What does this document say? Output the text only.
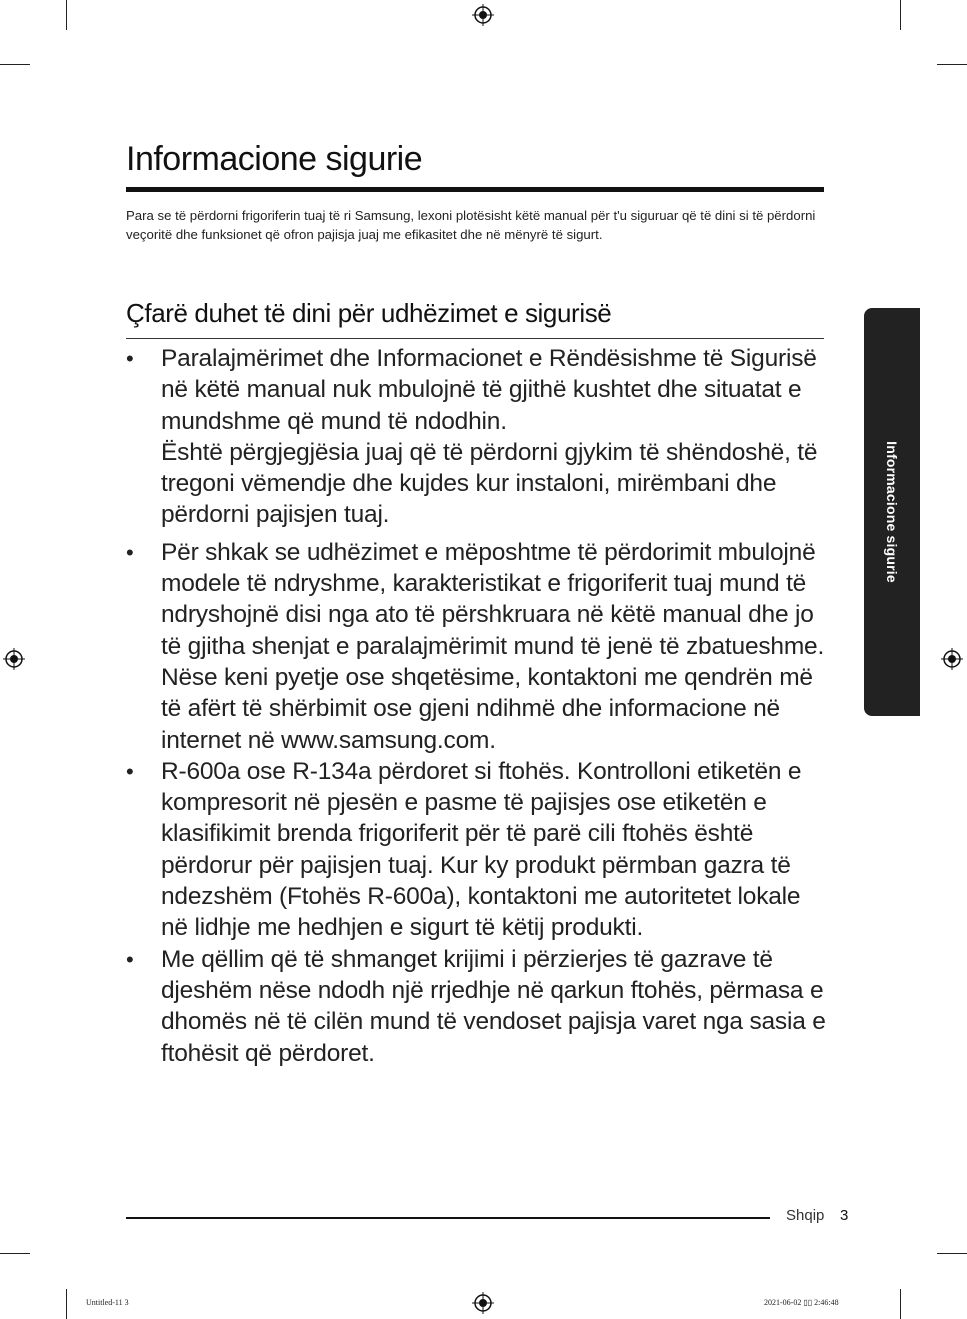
Informacione sigurie
Para se të përdorni frigoriferin tuaj të ri Samsung, lexoni plotësisht këtë manual për t'u siguruar që të dini si të përdorni veçoritë dhe funksionet që ofron pajisja juaj me efikasitet dhe në mënyrë të sigurt.
Çfarë duhet të dini për udhëzimet e sigurisë
• Paralajmërimet dhe Informacionet e Rëndësishme të Sigurisë në këtë manual nuk mbulojnë të gjithë kushtet dhe situatat e mundshme që mund të ndodhin.
Është përgjegjësia juaj që të përdorni gjykim të shëndoshë, të tregoni vëmendje dhe kujdes kur instaloni, mirëmbani dhe përdorni pajisjen tuaj.
• Për shkak se udhëzimet e mëposhtme të përdorimit mbulojnë modele të ndryshme, karakteristikat e frigoriferit tuaj mund të ndryshojnë disi nga ato të përshkruara në këtë manual dhe jo të gjitha shenjat e paralajmërimit mund të jenë të zbatueshme. Nëse keni pyetje ose shqetësime, kontaktoni me qendrën më të afërt të shërbimit ose gjeni ndihmë dhe informacione në internet në www.samsung.com.
• R-600a ose R-134a përdoret si ftohës. Kontrolloni etiketën e kompresorit në pjesën e pasme të pajisjes ose etiketën e klasifikimit brenda frigoriferit për të parë cili ftohës është përdorur për pajisjen tuaj. Kur ky produkt përmban gazra të ndezshëm (Ftohës R-600a), kontaktoni me autoritetet lokale në lidhje me hedhjen e sigurt të këtij produkti.
• Me qëllim që të shmanget krijimi i përzierjes të gazrave të djeshëm nëse ndodh një rrjedhje në qarkun ftohës, përmasa e dhomës në të cilën mund të vendoset pajisja varet nga sasia e ftohësit që përdoret.
Informacione sigurie
Shqip 3
Untitled-11 3	2021-06-02 ▯▯ 2:46:48
